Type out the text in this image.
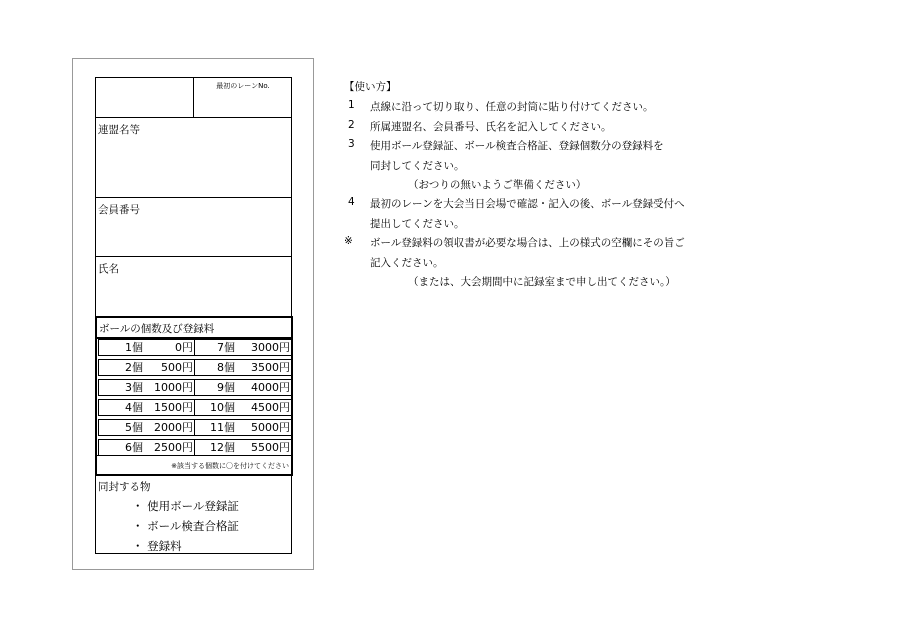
最初のレーンNo.
連盟名等
会員番号
氏名
ボールの個数及び登録料
1個	0円	7個 3000円
2個 500円	8個 3500円
3個 1000円	9個 4000円
4個 1500円	10個 4500円
5個 2000円	11個 5000円
6個 2500円	12個 5500円
※該当する個数に〇を付けてください
同封する物
・ 使用ボール登録証
・ ボール検査合格証
・ 登録料
【使い方】
1 点線に沿って切り取り、任意の封筒に貼り付けてください。
2 所属連盟名、会員番号、氏名を記入してください。
3 使用ボール登録証、ボール検査合格証、登録個数分の登録料を
同封してください。
（おつりの無いようご準備ください）
4 最初のレーンを大会当日会場で確認・記入の後、ボール登録受付へ
提出してください。
※ ボール登録料の領収書が必要な場合は、上の様式の空欄にその旨ご
記入ください。
（または、大会期間中に記録室まで申し出てください。）
